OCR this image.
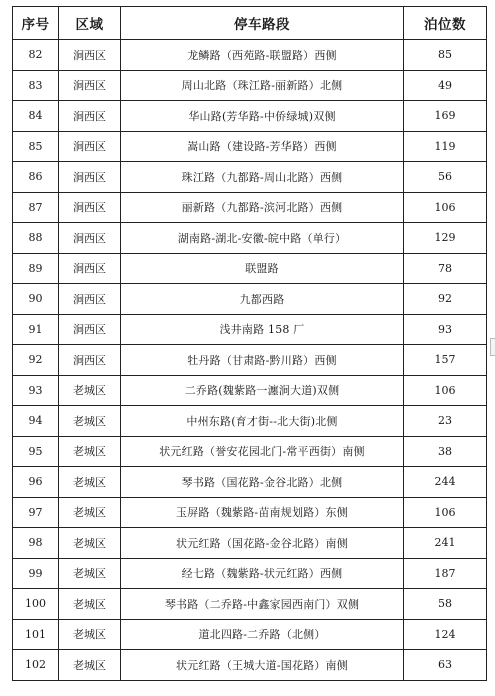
序号	区域	停车路段	泊位数
82	涧西区	龙鳞路（西苑路-联盟路）西侧	85
83	涧西区	周山北路（珠江路-丽新路）北侧	49
84	涧西区	华山路(芳华路-中侨绿城)双侧	169
85	涧西区	嵩山路（建设路-芳华路）西侧	119
86	涧西区	珠江路（九都路-周山北路）西侧	56
87	涧西区	丽新路（九都路-滨河北路）西侧	106
88	涧西区	湖南路-湖北-安徽-皖中路（单行）	129
89	涧西区	联盟路	78
90	涧西区	九都西路	92
91	涧西区	浅井南路 158 厂	93
92	涧西区	牡丹路（甘肃路-黔川路）西侧	157
93	老城区	二乔路(魏紫路一瀍涧大道)双侧	106
94	老城区	中州东路(育才街--北大街)北侧	23
95	老城区	状元红路（誉安花园北门-常平西街）南侧	38
96	老城区	琴书路（国花路-金谷北路）北侧	244
97	老城区	玉屏路（魏紫路-苗南规划路）东侧	106
98	老城区	状元红路（国花路-金谷北路）南侧	241
99	老城区	经七路（魏紫路-状元红路）西侧	187
100	老城区	琴书路（二乔路-中鑫家园西南门）双侧	58
101	老城区	道北四路-二乔路（北侧）	124
102	老城区	状元红路（王城大道-国花路）南侧	63
